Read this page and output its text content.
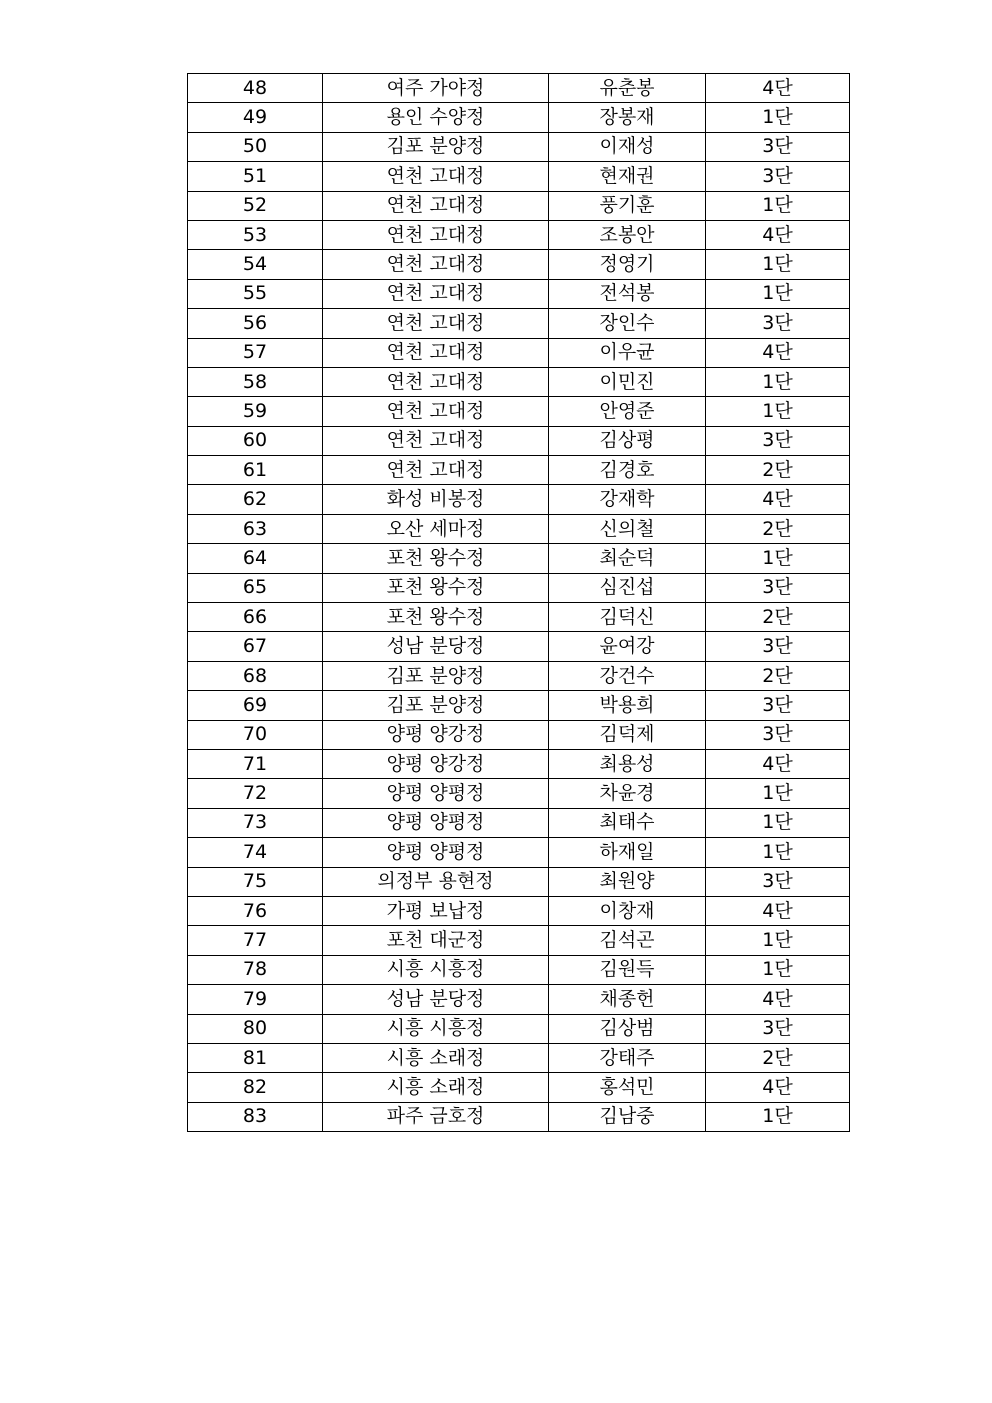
48	여주 가야정	유춘봉	4단
49	용인 수양정	장봉재	1단
50	김포 분양정	이재성	3단
51	연천 고대정	현재권	3단
52	연천 고대정	풍기훈	1단
53	연천 고대정	조봉안	4단
54	연천 고대정	정영기	1단
55	연천 고대정	전석봉	1단
56	연천 고대정	장인수	3단
57	연천 고대정	이우균	4단
58	연천 고대정	이민진	1단
59	연천 고대정	안영준	1단
60	연천 고대정	김상평	3단
61	연천 고대정	김경호	2단
62	화성 비봉정	강재학	4단
63	오산 세마정	신의철	2단
64	포천 왕수정	최순덕	1단
65	포천 왕수정	심진섭	3단
66	포천 왕수정	김덕신	2단
67	성남 분당정	윤여강	3단
68	김포 분양정	강건수	2단
69	김포 분양정	박용희	3단
70	양평 양강정	김덕제	3단
71	양평 양강정	최용성	4단
72	양평 양평정	차윤경	1단
73	양평 양평정	최태수	1단
74	양평 양평정	하재일	1단
75	의정부 용현정	최원양	3단
76	가평 보납정	이창재	4단
77	포천 대군정	김석곤	1단
78	시흥 시흥정	김원득	1단
79	성남 분당정	채종헌	4단
80	시흥 시흥정	김상범	3단
81	시흥 소래정	강태주	2단
82	시흥 소래정	홍석민	4단
83	파주 금호정	김남중	1단
